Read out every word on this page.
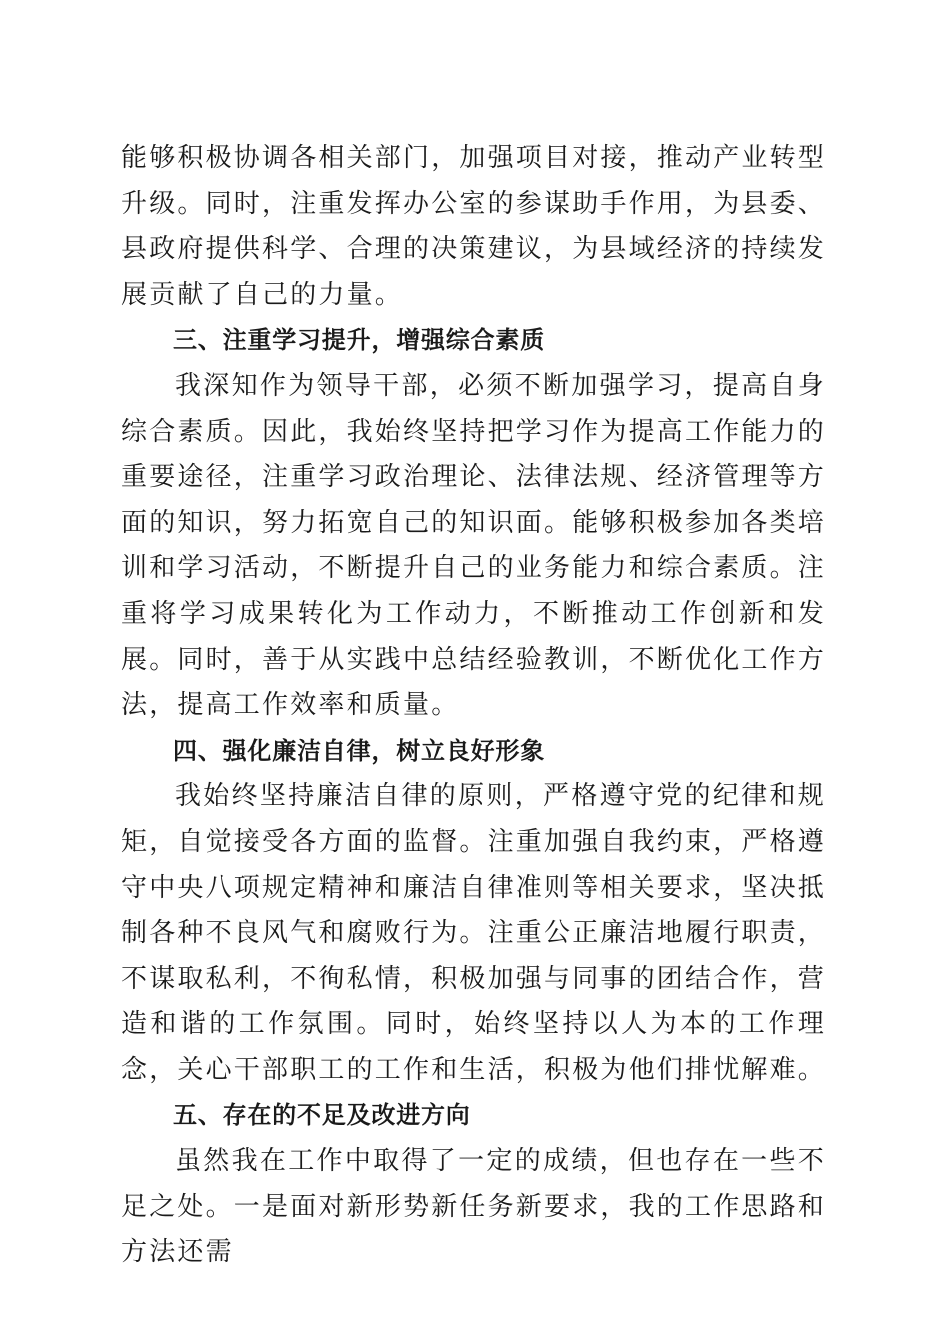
能够积极协调各相关部门，加强项目对接，推动产业转型升级。同时，注重发挥办公室的参谋助手作用，为县委、县政府提供科学、合理的决策建议，为县域经济的持续发展贡献了自己的力量。

三、注重学习提升，增强综合素质

我深知作为领导干部，必须不断加强学习，提高自身综合素质。因此，我始终坚持把学习作为提高工作能力的重要途径，注重学习政治理论、法律法规、经济管理等方面的知识，努力拓宽自己的知识面。能够积极参加各类培训和学习活动，不断提升自己的业务能力和综合素质。注重将学习成果转化为工作动力，不断推动工作创新和发展。同时，善于从实践中总结经验教训，不断优化工作方法，提高工作效率和质量。

四、强化廉洁自律，树立良好形象

我始终坚持廉洁自律的原则，严格遵守党的纪律和规矩，自觉接受各方面的监督。注重加强自我约束，严格遵守中央八项规定精神和廉洁自律准则等相关要求，坚决抵制各种不良风气和腐败行为。注重公正廉洁地履行职责，不谋取私利，不徇私情，积极加强与同事的团结合作，营造和谐的工作氛围。同时，始终坚持以人为本的工作理念，关心干部职工的工作和生活，积极为他们排忧解难。

五、存在的不足及改进方向

虽然我在工作中取得了一定的成绩，但也存在一些不足之处。一是面对新形势新任务新要求，我的工作思路和方法还需
